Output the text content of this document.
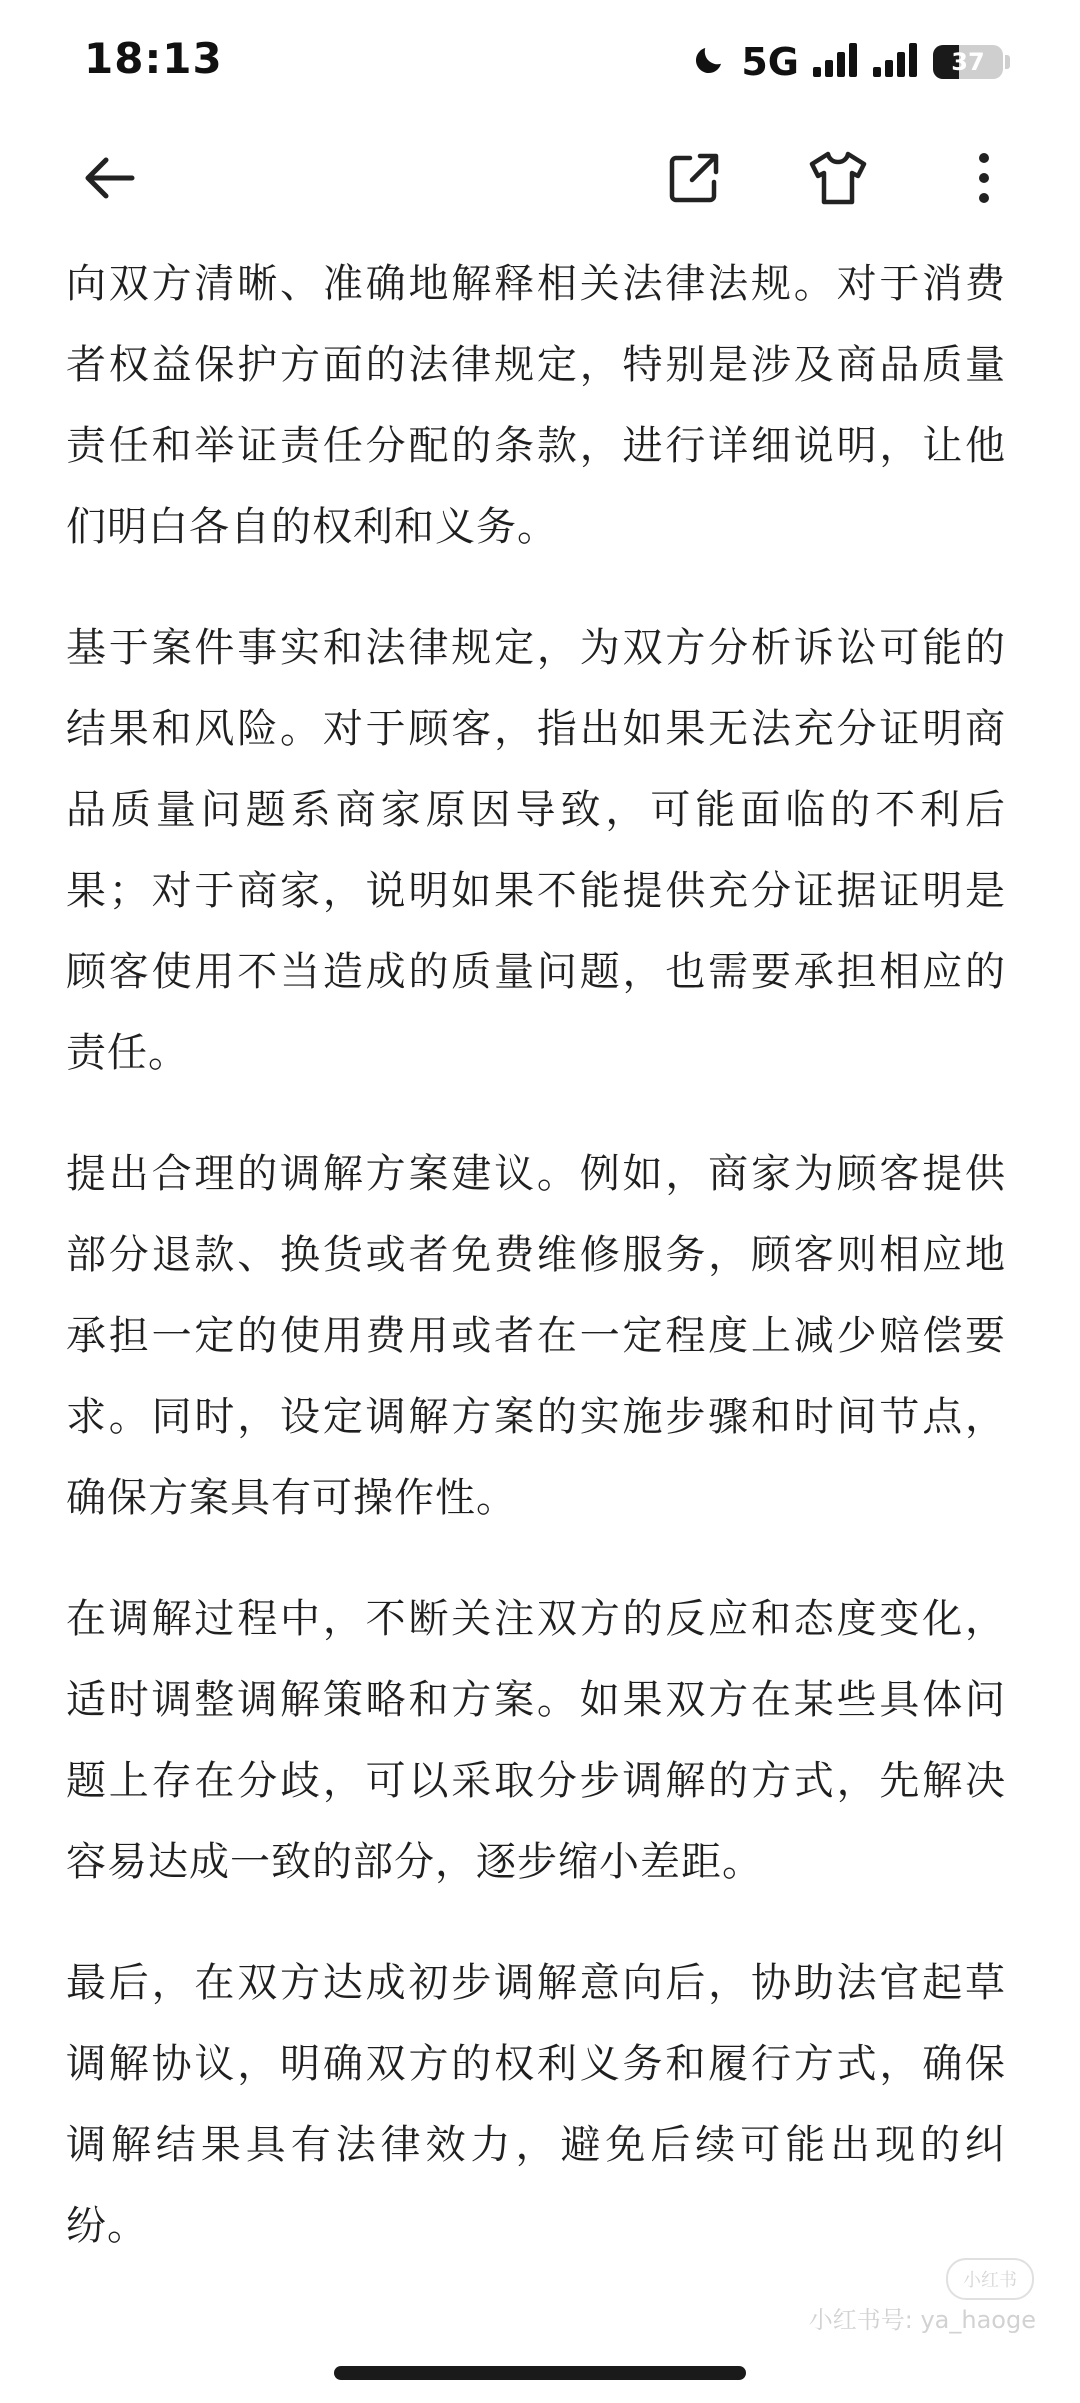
18:13	5G	37

向双方清晰、准确地解释相关法律法规。对于消费者权益保护方面的法律规定，特别是涉及商品质量责任和举证责任分配的条款，进行详细说明，让他们明白各自的权利和义务。

基于案件事实和法律规定，为双方分析诉讼可能的结果和风险。对于顾客，指出如果无法充分证明商品质量问题系商家原因导致，可能面临的不利后果；对于商家，说明如果不能提供充分证据证明是顾客使用不当造成的质量问题，也需要承担相应的责任。

提出合理的调解方案建议。例如，商家为顾客提供部分退款、换货或者免费维修服务，顾客则相应地承担一定的使用费用或者在一定程度上减少赔偿要求。同时，设定调解方案的实施步骤和时间节点，确保方案具有可操作性。

在调解过程中，不断关注双方的反应和态度变化，适时调整调解策略和方案。如果双方在某些具体问题上存在分歧，可以采取分步调解的方式，先解决容易达成一致的部分，逐步缩小差距。

最后，在双方达成初步调解意向后，协助法官起草调解协议，明确双方的权利义务和履行方式，确保调解结果具有法律效力，避免后续可能出现的纠纷。

小红书
小红书号: ya_haoge
